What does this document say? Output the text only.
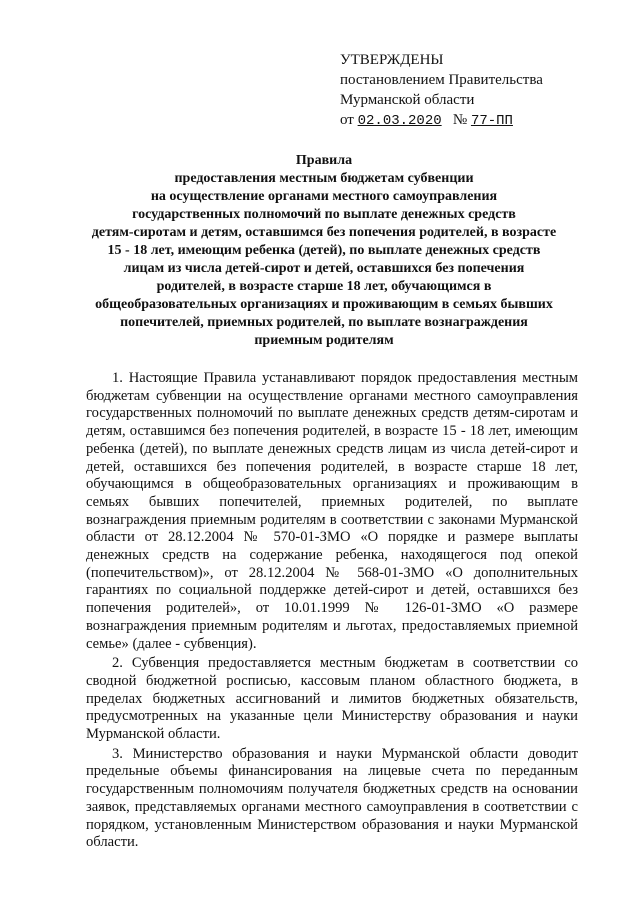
УТВЕРЖДЕНЫ
постановлением Правительства
Мурманской области
от 02.03.2020 № 77-ПП
Правила
предоставления местным бюджетам субвенции
на осуществление органами местного самоуправления
государственных полномочий по выплате денежных средств
детям-сиротам и детям, оставшимся без попечения родителей, в возрасте
15 - 18 лет, имеющим ребенка (детей), по выплате денежных средств
лицам из числа детей-сирот и детей, оставшихся без попечения
родителей, в возрасте старше 18 лет, обучающимся в
общеобразовательных организациях и проживающим в семьях бывших
попечителей, приемных родителей, по выплате вознаграждения
приемным родителям

1. Настоящие Правила устанавливают порядок предоставления местным бюджетам субвенции на осуществление органами местного самоуправления государственных полномочий по выплате денежных средств детям-сиротам и детям, оставшимся без попечения родителей, в возрасте 15 - 18 лет, имеющим ребенка (детей), по выплате денежных средств лицам из числа детей-сирот и детей, оставшихся без попечения родителей, в возрасте старше 18 лет, обучающимся в общеобразовательных организациях и проживающим в семьях бывших попечителей, приемных родителей, по выплате вознаграждения приемным родителям в соответствии с законами Мурманской области от 28.12.2004 № 570-01-ЗМО «О порядке и размере выплаты денежных средств на содержание ребенка, находящегося под опекой (попечительством)», от 28.12.2004 № 568-01-ЗМО «О дополнительных гарантиях по социальной поддержке детей-сирот и детей, оставшихся без попечения родителей», от 10.01.1999 № 126-01-ЗМО «О размере вознаграждения приемным родителям и льготах, предоставляемых приемной семье» (далее - субвенция).

2. Субвенция предоставляется местным бюджетам в соответствии со сводной бюджетной росписью, кассовым планом областного бюджета, в пределах бюджетных ассигнований и лимитов бюджетных обязательств, предусмотренных на указанные цели Министерству образования и науки Мурманской области.

3. Министерство образования и науки Мурманской области доводит предельные объемы финансирования на лицевые счета по переданным государственным полномочиям получателя бюджетных средств на основании заявок, представляемых органами местного самоуправления в соответствии с порядком, установленным Министерством образования и науки Мурманской области.
